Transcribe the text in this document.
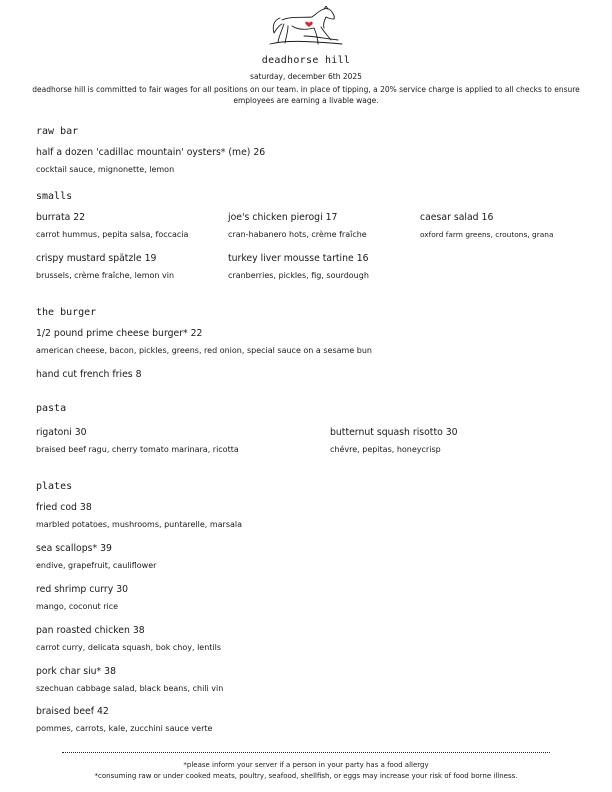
deadhorse hill
saturday, december 6th 2025
deadhorse hill is committed to fair wages for all positions on our team. in place of tipping, a 20% service charge is applied to all checks to ensure employees are earning a livable wage.
raw bar
half a dozen 'cadillac mountain' oysters* (me) 26
cocktail sauce, mignonette, lemon
smalls
burrata 22
carrot hummus, pepita salsa, foccacia
joe's chicken pierogi 17
cran-habanero hots, crème fraîche
caesar salad 16
oxford farm greens, croutons, grana
crispy mustard spätzle 19
brussels, crème fraîche, lemon vin
turkey liver mousse tartine 16
cranberries, pickles, fig, sourdough
the burger
1/2 pound prime cheese burger* 22
american cheese, bacon, pickles, greens, red onion, special sauce on a sesame bun
hand cut french fries 8
pasta
rigatoni 30
braised beef ragu, cherry tomato marinara, ricotta
butternut squash risotto 30
chévre, pepitas, honeycrisp
plates
fried cod 38
marbled potatoes, mushrooms, puntarelle, marsala
sea scallops* 39
endive, grapefruit, cauliflower
red shrimp curry 30
mango, coconut rice
pan roasted chicken 38
carrot curry, delicata squash, bok choy, lentils
pork char siu* 38
szechuan cabbage salad, black beans, chili vin
braised beef 42
pommes, carrots, kale, zucchini sauce verte
*please inform your server if a person in your party has a food allergy
*consuming raw or under cooked meats, poultry, seafood, shellfish, or eggs may increase your risk of food borne illness.
